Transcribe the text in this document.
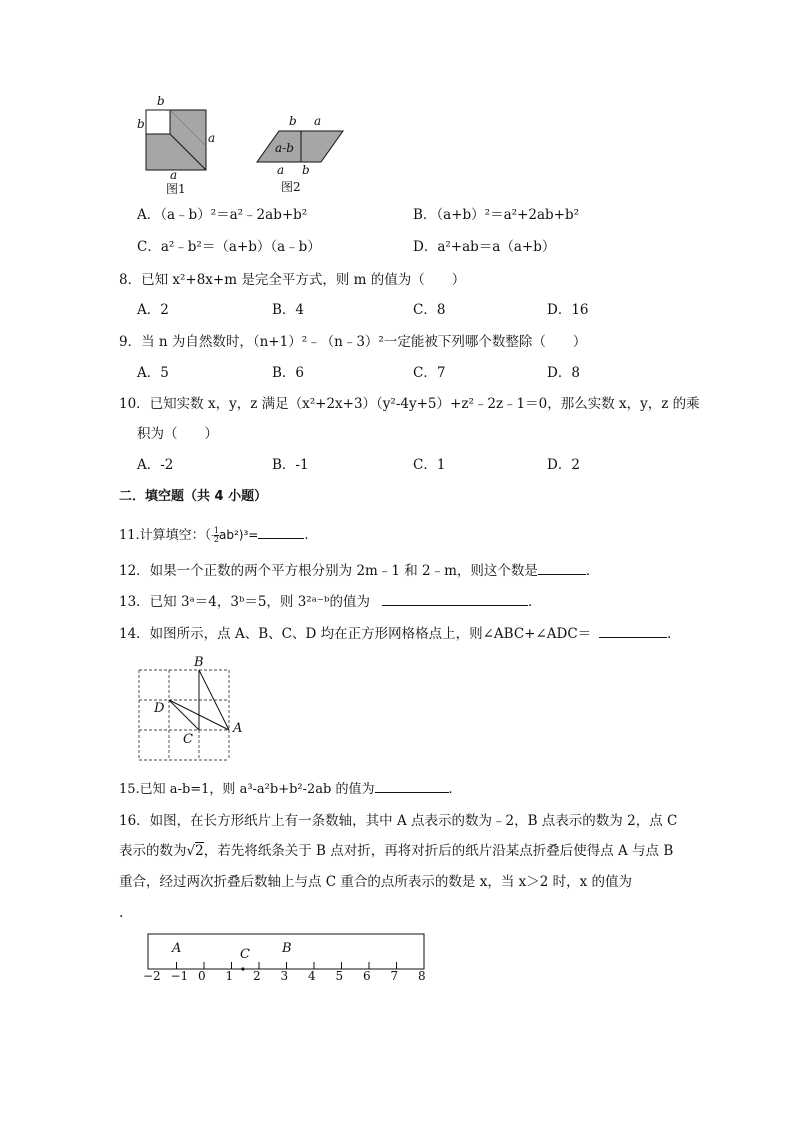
b
b
a
a
图1
b a
a-b
a b
图2
A．（a﹣b）²＝a²﹣2ab+b²	B．（a+b）²＝a²+2ab+b²
C．a²﹣b²＝（a+b）（a﹣b）	D．a²+ab＝a（a+b）
8．已知 x²+8x+m 是完全平方式，则 m 的值为（　　）
A．2	B．4	C．8	D．16
9．当 n 为自然数时，（n+1）²﹣（n﹣3）²一定能被下列哪个数整除（　　）
A．5	B．6	C．7	D．8
10．已知实数 x，y，z 满足（x²+2x+3）（y²-4y+5）+z²﹣2z﹣1＝0，那么实数 x，y，z 的乘
积为（　　）
A．-2	B．-1	C．1	D．2
二．填空题（共 4 小题）
11.计算填空：（- $\frac{1}{2} ab^2)^3=$	.
12．如果一个正数的两个平方根分别为 2m﹣1 和 2﹣m，则这个数是	．
13．已知 3ᵃ＝4，3ᵇ＝5，则 3²ᵃ⁻ᵇ的值为	．
14．如图所示，点 A、B、C、D 均在正方形网格格点上，则∠ABC+∠ADC＝	．
B
D
A
C
15.已知 a-b=1，则 a³-a²b+b²-2ab 的值为	.
16．如图，在长方形纸片上有一条数轴，其中 A 点表示的数为﹣2，B 点表示的数为 2，点 C
表示的数为√2，若先将纸条关于 B 点对折，再将对折后的纸片沿某点折叠后使得点 A 与点 B
重合，经过两次折叠后数轴上与点 C 重合的点所表示的数是 x，当 x＞2 时，x 的值为
.
−2 −1 0 1 2 3 4 5 6 7 8
A	C B
